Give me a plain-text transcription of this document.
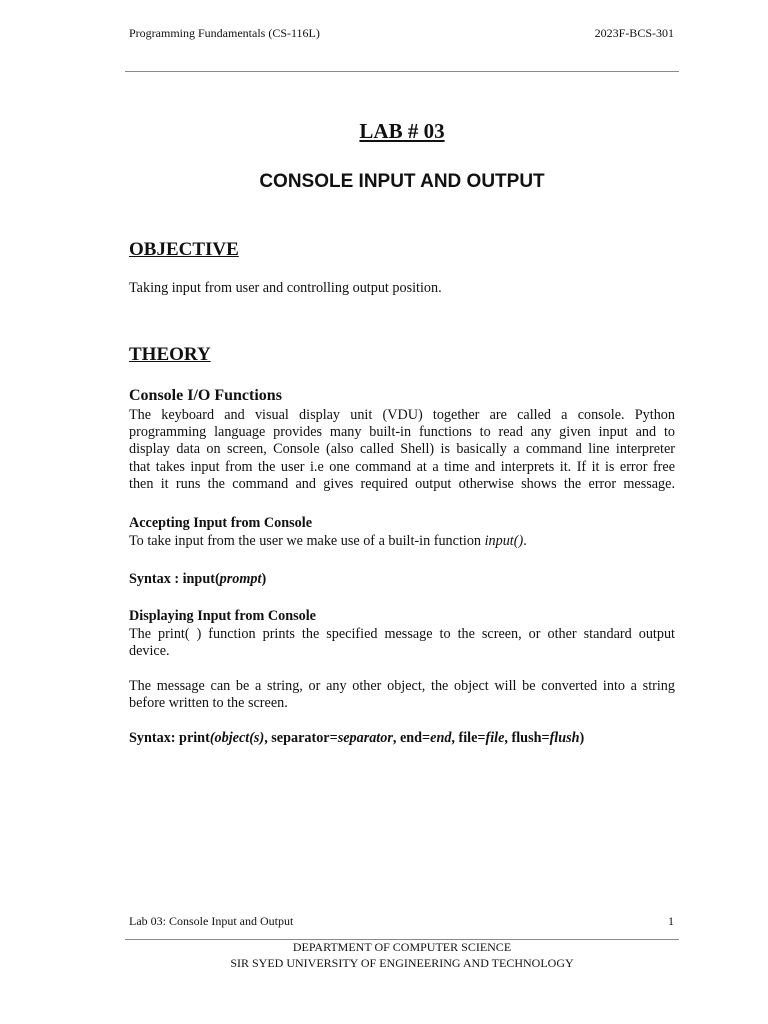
Programming Fundamentals (CS-116L)	2023F-BCS-301
LAB # 03
CONSOLE INPUT AND OUTPUT
OBJECTIVE
Taking input from user and controlling output position.
THEORY
Console I/O Functions
The keyboard and visual display unit (VDU) together are called a console. Python
programming language provides many built-in functions to read any given input and to
display data on screen, Console (also called Shell) is basically a command line interpreter
that takes input from the user i.e one command at a time and interprets it. If it is error free
then it runs the command and gives required output otherwise shows the error message.
Accepting Input from Console
To take input from the user we make use of a built-in function input().
Syntax : input(prompt)
Displaying Input from Console
The print( ) function prints the specified message to the screen, or other standard output
device.
The message can be a string, or any other object, the object will be converted into a string
before written to the screen.
Syntax: print(object(s), separator=separator, end=end, file=file, flush=flush)
Lab 03: Console Input and Output	1
DEPARTMENT OF COMPUTER SCIENCE
SIR SYED UNIVERSITY OF ENGINEERING AND TECHNOLOGY
